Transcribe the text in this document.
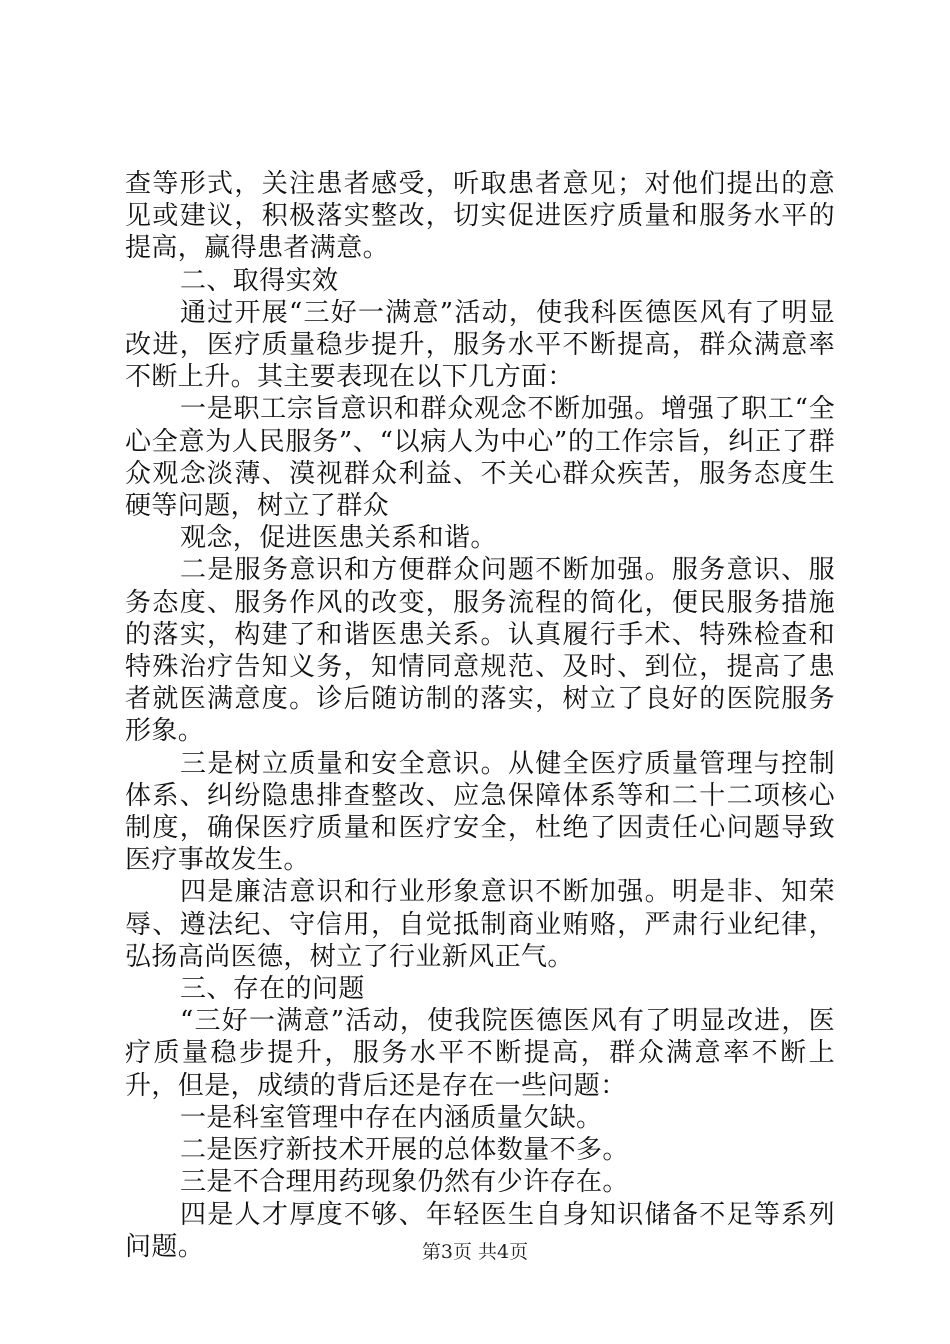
查等形式，关注患者感受，听取患者意见；对他们提出的意见或建议，积极落实整改，切实促进医疗质量和服务水平的提高，赢得患者满意。

二、取得实效

通过开展“三好一满意”活动，使我科医德医风有了明显改进，医疗质量稳步提升，服务水平不断提高，群众满意率不断上升。其主要表现在以下几方面：

一是职工宗旨意识和群众观念不断加强。增强了职工“全心全意为人民服务”、“以病人为中心”的工作宗旨，纠正了群众观念淡薄、漠视群众利益、不关心群众疾苦，服务态度生硬等问题，树立了群众

观念，促进医患关系和谐。

二是服务意识和方便群众问题不断加强。服务意识、服务态度、服务作风的改变，服务流程的简化，便民服务措施的落实，构建了和谐医患关系。认真履行手术、特殊检查和特殊治疗告知义务，知情同意规范、及时、到位，提高了患者就医满意度。诊后随访制的落实，树立了良好的医院服务形象。

三是树立质量和安全意识。从健全医疗质量管理与控制体系、纠纷隐患排查整改、应急保障体系等和二十二项核心制度，确保医疗质量和医疗安全，杜绝了因责任心问题导致医疗事故发生。

四是廉洁意识和行业形象意识不断加强。明是非、知荣辱、遵法纪、守信用，自觉抵制商业贿赂，严肃行业纪律，弘扬高尚医德，树立了行业新风正气。

三、存在的问题

“三好一满意”活动，使我院医德医风有了明显改进，医疗质量稳步提升，服务水平不断提高，群众满意率不断上升，但是，成绩的背后还是存在一些问题：

一是科室管理中存在内涵质量欠缺。

二是医疗新技术开展的总体数量不多。

三是不合理用药现象仍然有少许存在。

四是人才厚度不够、年轻医生自身知识储备不足等系列问题。	第3页 共4页
